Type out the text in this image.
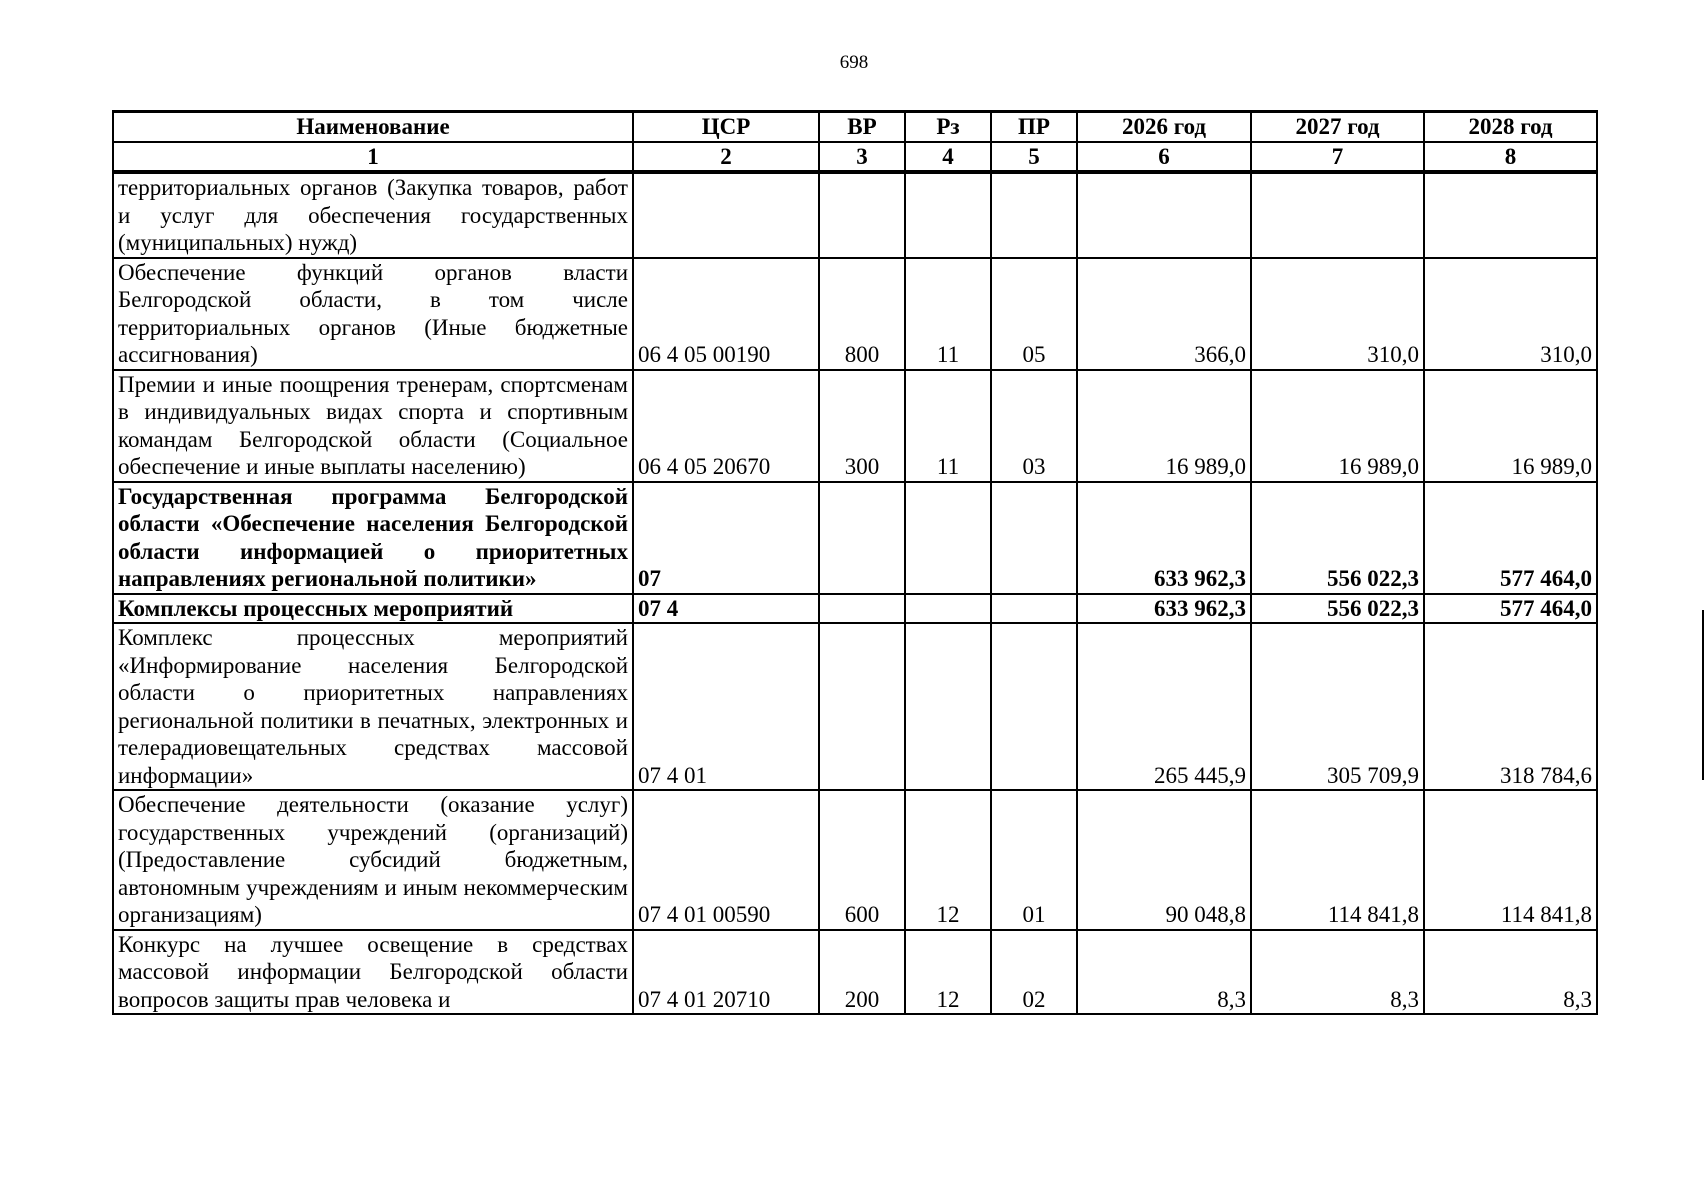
698
Наименование	ЦСР	ВР	Рз	ПР	2026 год	2027 год	2028 год
1	2	3	4	5	6	7	8
территориальных органов (Закупка товаров, работ и услуг для обеспечения государственных (муниципальных) нужд)							
Обеспечение функций органов власти Белгородской области, в том числе территориальных органов (Иные бюджетные ассигнования)	06 4 05 00190	800	11	05	366,0	310,0	310,0
Премии и иные поощрения тренерам, спортсменам в индивидуальных видах спорта и спортивным командам Белгородской области (Социальное обеспечение и иные выплаты населению)	06 4 05 20670	300	11	03	16 989,0	16 989,0	16 989,0
Государственная программа Белгородской области «Обеспечение населения Белгородской области информацией о приоритетных направлениях региональной политики»	07				633 962,3	556 022,3	577 464,0
Комплексы процессных мероприятий	07 4				633 962,3	556 022,3	577 464,0
Комплекс процессных мероприятий «Информирование населения Белгородской области о приоритетных направлениях региональной политики в печатных, электронных и телерадиовещательных средствах массовой информации»	07 4 01				265 445,9	305 709,9	318 784,6
Обеспечение деятельности (оказание услуг) государственных учреждений (организаций) (Предоставление субсидий бюджетным, автономным учреждениям и иным некоммерческим организациям)	07 4 01 00590	600	12	01	90 048,8	114 841,8	114 841,8
Конкурс на лучшее освещение в средствах массовой информации Белгородской области вопросов защиты прав человека и	07 4 01 20710	200	12	02	8,3	8,3	8,3
